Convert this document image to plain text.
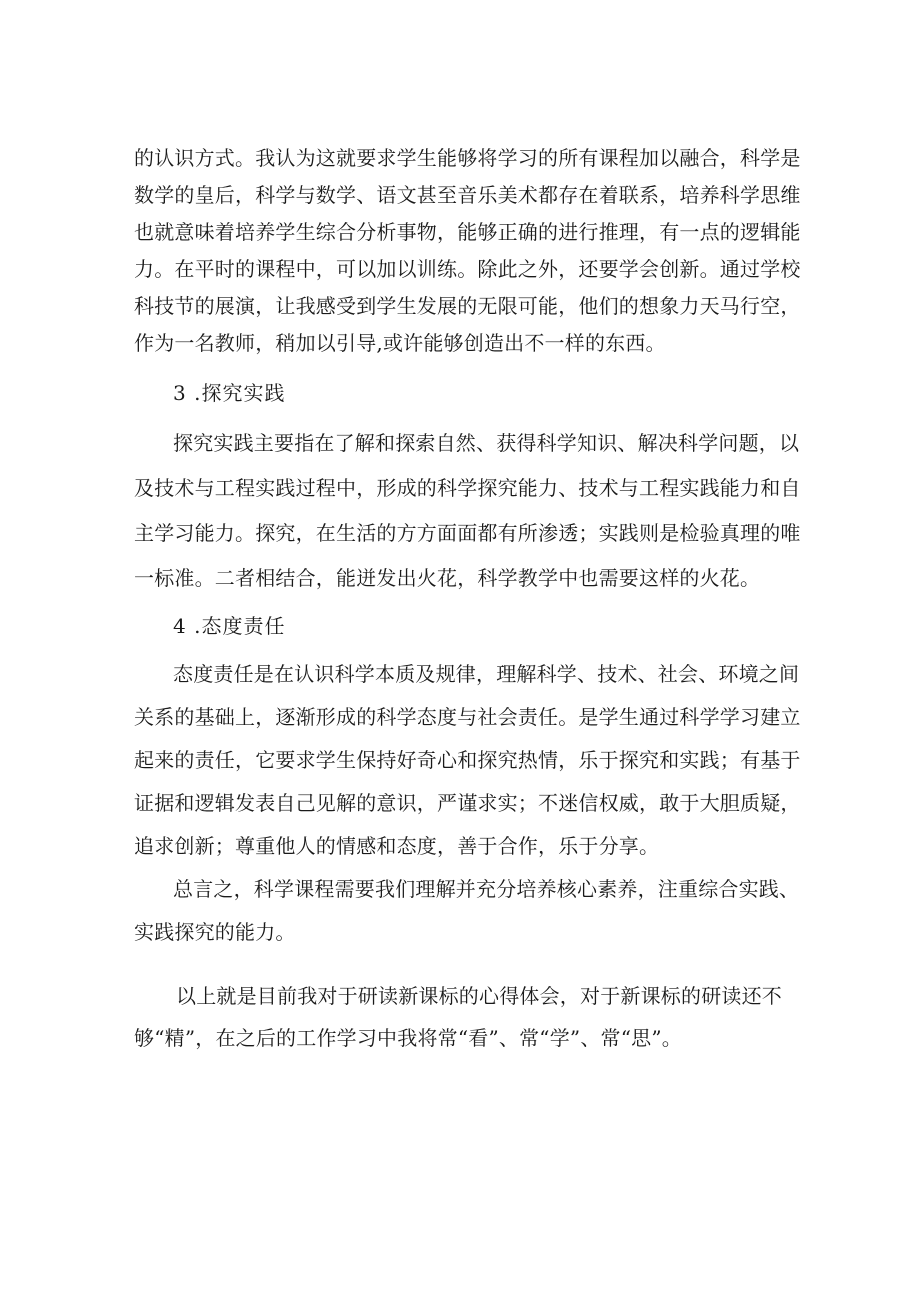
的认识方式。我认为这就要求学生能够将学习的所有课程加以融合，科学是
数学的皇后，科学与数学、语文甚至音乐美术都存在着联系，培养科学思维
也就意味着培养学生综合分析事物，能够正确的进行推理，有一点的逻辑能
力。在平时的课程中，可以加以训练。除此之外，还要学会创新。通过学校
科技节的展演，让我感受到学生发展的无限可能，他们的想象力天马行空，
作为一名教师，稍加以引导,或许能够创造出不一样的东西。
3 .探究实践
探究实践主要指在了解和探索自然、获得科学知识、解决科学问题，以
及技术与工程实践过程中，形成的科学探究能力、技术与工程实践能力和自
主学习能力。探究，在生活的方方面面都有所渗透；实践则是检验真理的唯
一标准。二者相结合，能迸发出火花，科学教学中也需要这样的火花。
4 .态度责任
态度责任是在认识科学本质及规律，理解科学、技术、社会、环境之间
关系的基础上，逐渐形成的科学态度与社会责任。是学生通过科学学习建立
起来的责任，它要求学生保持好奇心和探究热情，乐于探究和实践；有基于
证据和逻辑发表自己见解的意识，严谨求实；不迷信权威，敢于大胆质疑，
追求创新；尊重他人的情感和态度，善于合作，乐于分享。
总言之，科学课程需要我们理解并充分培养核心素养，注重综合实践、
实践探究的能力。
以上就是目前我对于研读新课标的心得体会，对于新课标的研读还不
够“精”，在之后的工作学习中我将常“看”、常“学”、常“思”。
